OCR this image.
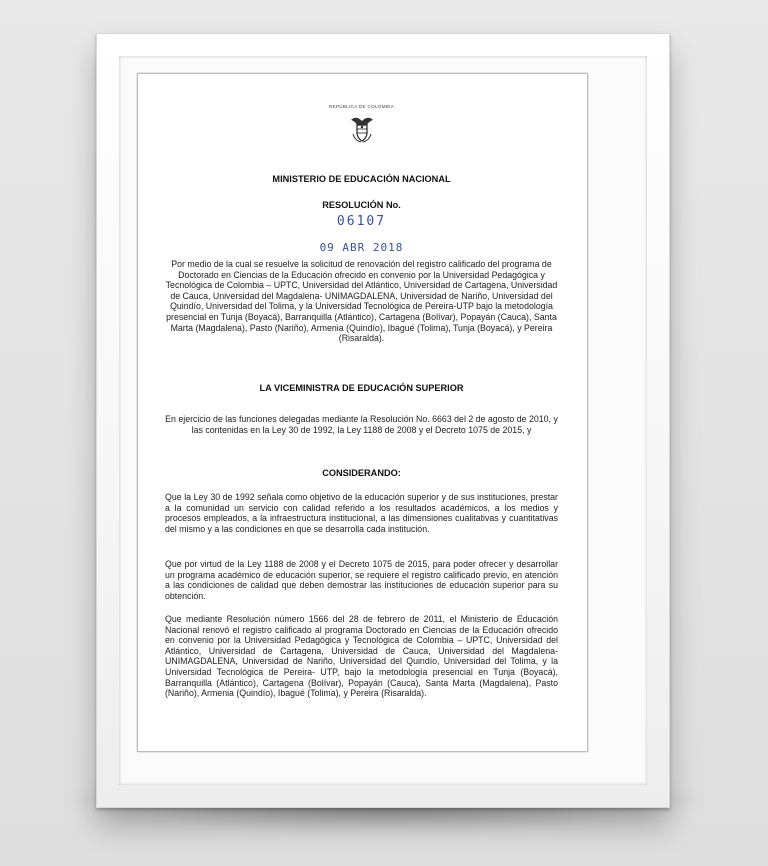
REPÚBLICA DE COLOMBIA
MINISTERIO DE EDUCACIÓN NACIONAL
RESOLUCIÓN No.
06107
09 ABR 2018
Por medio de la cual se resuelve la solicitud de renovación del registro calificado del programa de Doctorado en Ciencias de la Educación ofrecido en convenio por la Universidad Pedagógica y Tecnológica de Colombia – UPTC, Universidad del Atlántico, Universidad de Cartagena, Universidad de Cauca, Universidad del Magdalena- UNIMAGDALENA, Universidad de Nariño, Universidad del Quindío, Universidad del Tolima, y la Universidad Tecnológica de Pereira-UTP bajo la metodología presencial en Tunja (Boyacá), Barranquilla (Atlántico), Cartagena (Bolívar), Popayán (Cauca), Santa Marta (Magdalena), Pasto (Nariño), Armenia (Quindío), Ibagué (Tolima), Tunja (Boyacá), y Pereira (Risaralda).
LA VICEMINISTRA DE EDUCACIÓN SUPERIOR
En ejercicio de las funciones delegadas mediante la Resolución No. 6663 del 2 de agosto de 2010, y las contenidas en la Ley 30 de 1992, la Ley 1188 de 2008 y el Decreto 1075 de 2015, y
CONSIDERANDO:
Que la Ley 30 de 1992 señala como objetivo de la educación superior y de sus instituciones, prestar a la comunidad un servicio con calidad referido a los resultados académicos, a los medios y procesos empleados, a la infraestructura institucional, a las dimensiones cualitativas y cuantitativas del mismo y a las condiciones en que se desarrolla cada institución.
Que por virtud de la Ley 1188 de 2008 y el Decreto 1075 de 2015, para poder ofrecer y desarrollar un programa académico de educación superior, se requiere el registro calificado previo, en atención a las condiciones de calidad que deben demostrar las instituciones de educación superior para su obtención.
Que mediante Resolución número 1566 del 28 de febrero de 2011, el Ministerio de Educación Nacional renovó el registro calificado al programa Doctorado en Ciencias de la Educación ofrecido en convenio por la Universidad Pedagógica y Tecnológica de Colombia – UPTC, Universidad del Atlántico, Universidad de Cartagena, Universidad de Cauca, Universidad del Magdalena- UNIMAGDALENA, Universidad de Nariño, Universidad del Quindío, Universidad del Tolima, y la Universidad Tecnológica de Pereira- UTP, bajo la metodología presencial en Tunja (Boyacá), Barranquilla (Atlántico), Cartagena (Bolívar), Popayán (Cauca), Santa Marta (Magdalena), Pasto (Nariño), Armenia (Quindío), Ibagué (Tolima), y Pereira (Risaralda).
